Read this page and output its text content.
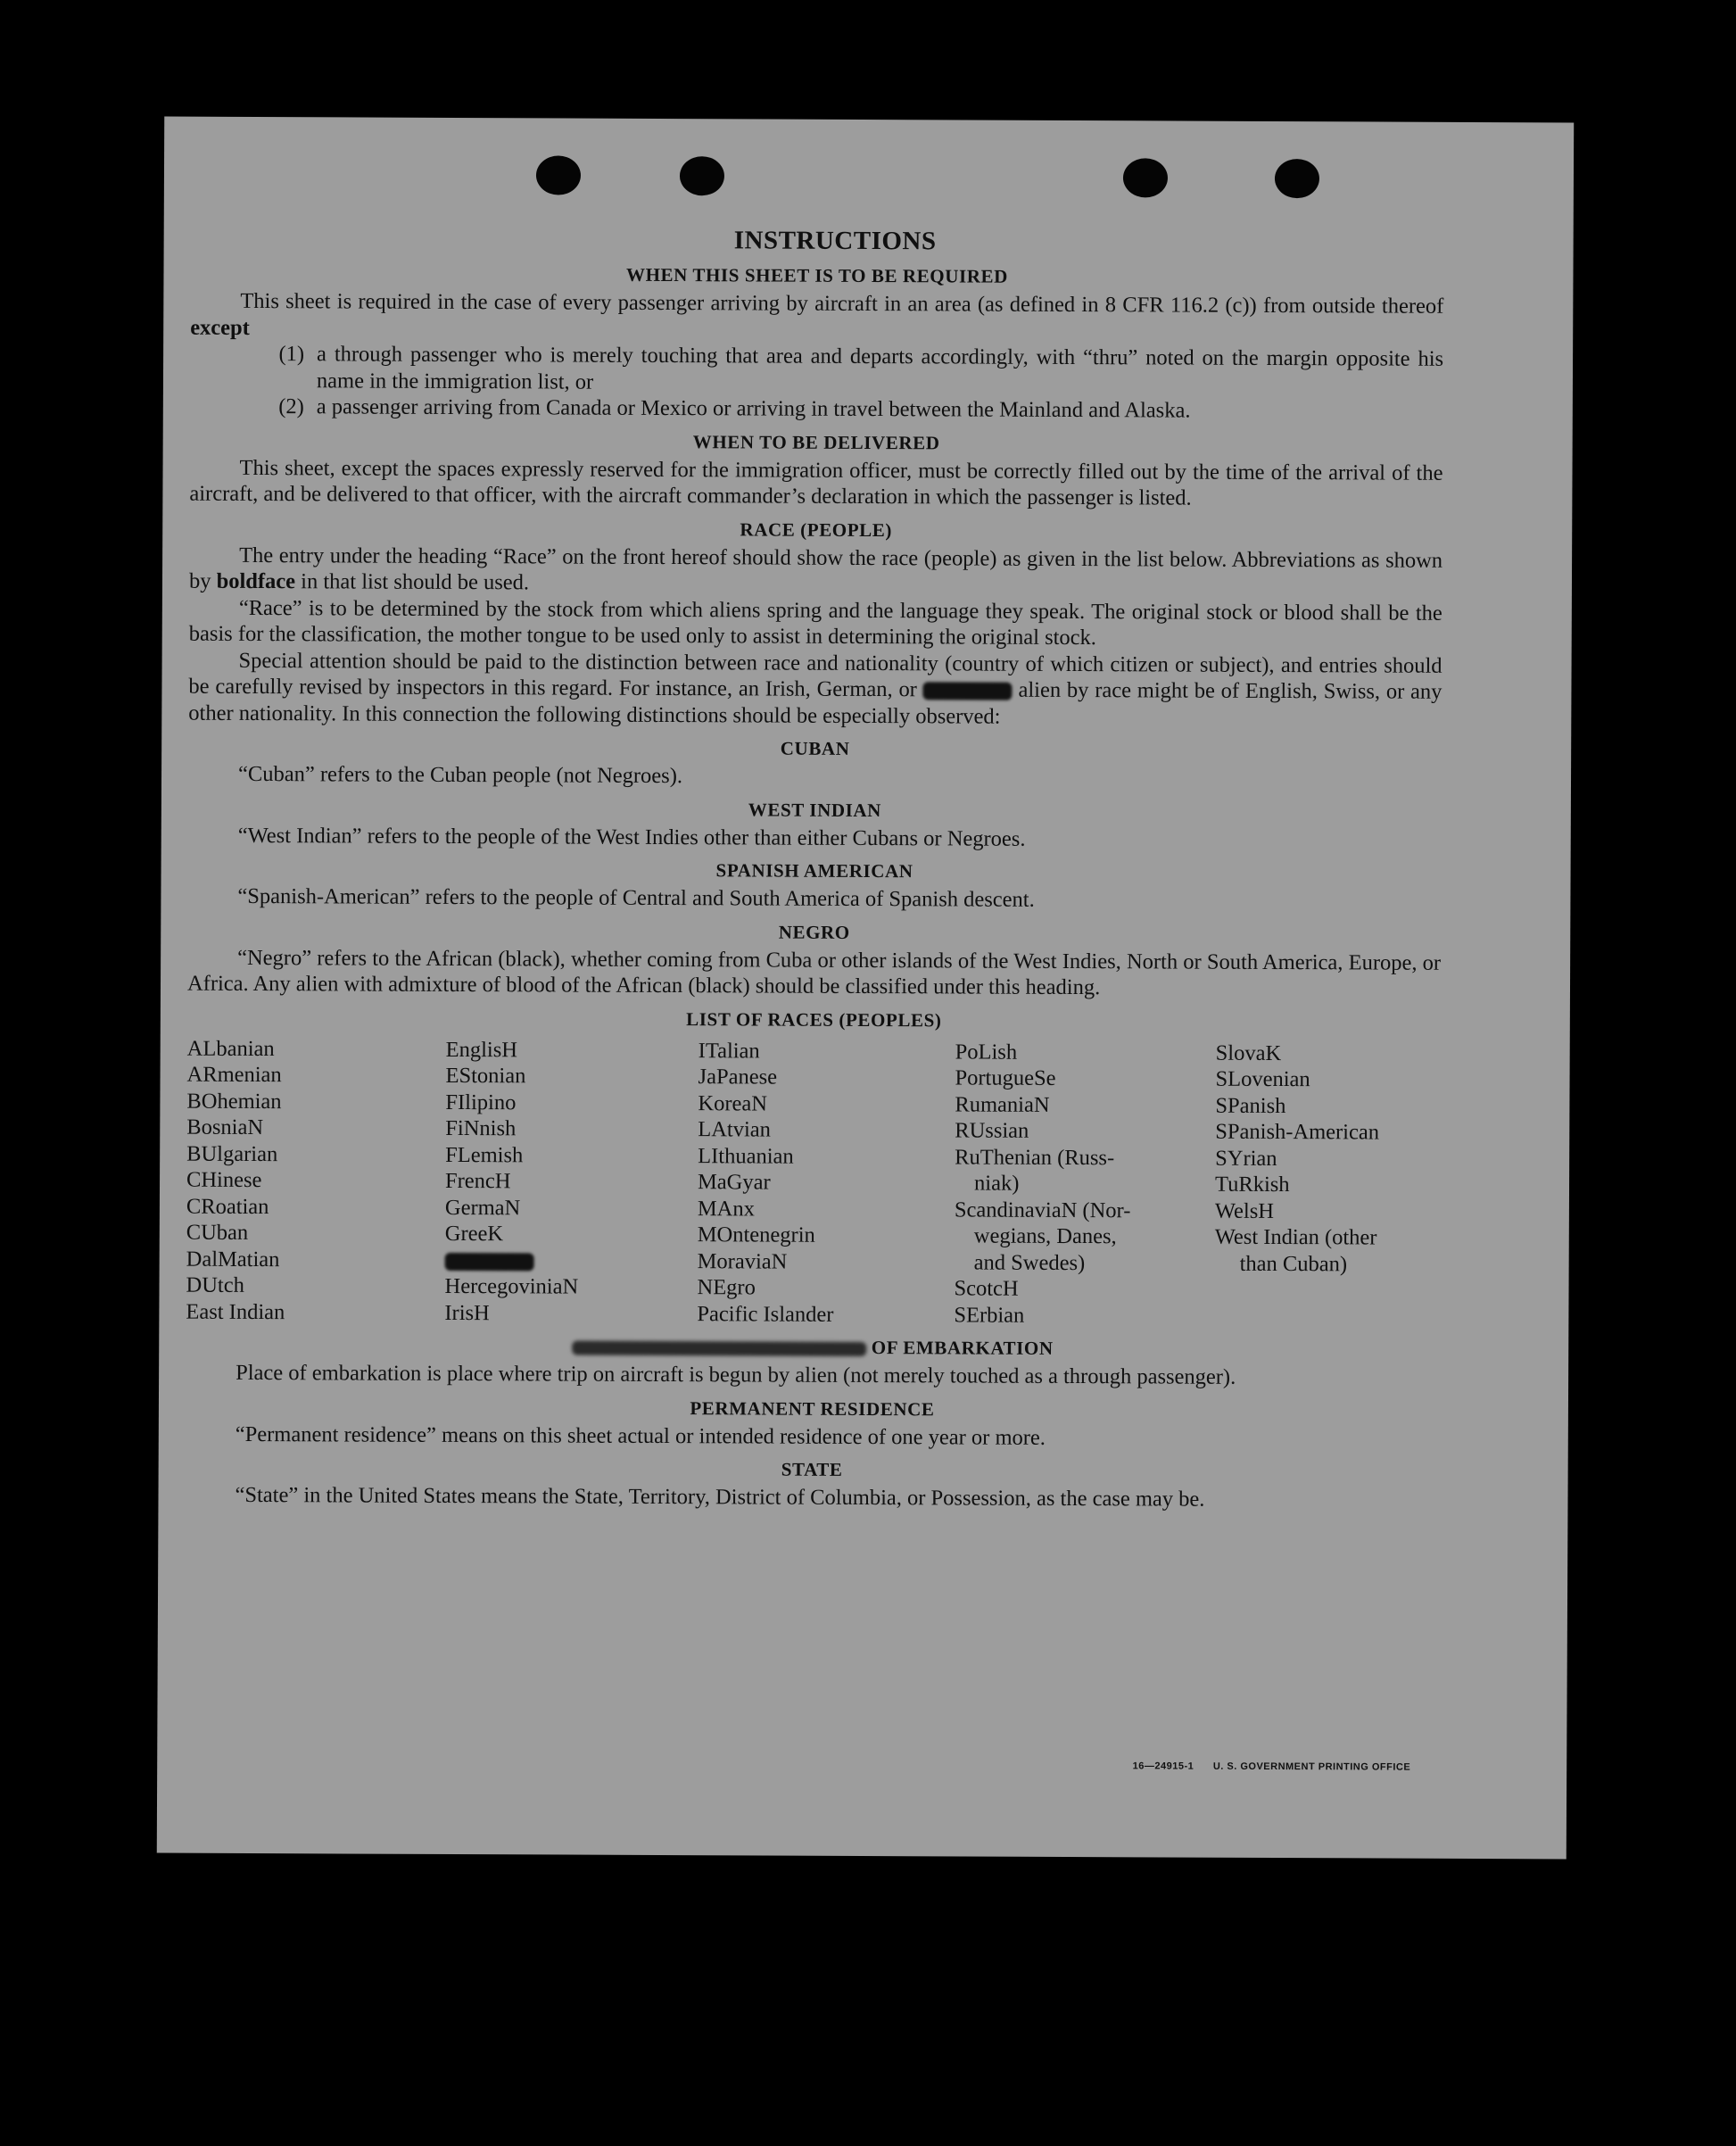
INSTRUCTIONS
WHEN THIS SHEET IS TO BE REQUIRED

This sheet is required in the case of every passenger arriving by aircraft in an area (as defined in 8 CFR 116.2 (c)) from outside thereof except

(1) a through passenger who is merely touching that area and departs accordingly, with “thru” noted on the margin opposite his name in the immigration list, or
(2) a passenger arriving from Canada or Mexico or arriving in travel between the Mainland and Alaska.
WHEN TO BE DELIVERED

This sheet, except the spaces expressly reserved for the immigration officer, must be correctly filled out by the time of the arrival of the aircraft, and be delivered to that officer, with the aircraft commander’s declaration in which the passenger is listed.

RACE (PEOPLE)

The entry under the heading “Race” on the front hereof should show the race (people) as given in the list below. Abbreviations as shown by boldface in that list should be used.

“Race” is to be determined by the stock from which aliens spring and the language they speak. The original stock or blood shall be the basis for the classification, the mother tongue to be used only to assist in determining the original stock.

Special attention should be paid to the distinction between race and nationality (country of which citizen or subject), and entries should be carefully revised by inspectors in this regard. For instance, an Irish, German, or	alien by race might be of English, Swiss, or any other nationality. In this connection the following distinctions should be especially observed:

CUBAN

“Cuban” refers to the Cuban people (not Negroes).

WEST INDIAN

“West Indian” refers to the people of the West Indies other than either Cubans or Negroes.

SPANISH AMERICAN

“Spanish-American” refers to the people of Central and South America of Spanish descent.

NEGRO

“Negro” refers to the African (black), whether coming from Cuba or other islands of the West Indies, North or South America, Europe, or Africa. Any alien with admixture of blood of the African (black) should be classified under this heading.

LIST OF RACES (PEOPLES)
ALbanian
ARmenian
BOhemian
BosniaN
BUlgarian
CHinese
CRoatian
CUban
DalMatian
DUtch
East Indian
EnglisH
EStonian
FIlipino
FiNnish
FLemish
FrencH
GermaN
GreeK
HercegoviniaN
IrisH
ITalian
JaPanese
KoreaN
LAtvian
LIthuanian
MaGyar
MAnx
MOntenegrin
MoraviaN
NEgro
Pacific Islander
PoLish
PortugueSe
RumaniaN
RUssian
RuThenian (Russ-
niak)
ScandinaviaN (Nor-
wegians, Danes,
and Swedes)
ScotcH
SErbian
SlovaK
SLovenian
SPanish
SPanish-American
SYrian
TuRkish
WelsH
West Indian (other
than Cuban)
OF EMBARKATION

Place of embarkation is place where trip on aircraft is begun by alien (not merely touched as a through passenger).

PERMANENT RESIDENCE

“Permanent residence” means on this sheet actual or intended residence of one year or more.

STATE

“State” in the United States means the State, Territory, District of Columbia, or Possession, as the case may be.

16—24915-1 U. S. GOVERNMENT PRINTING OFFICE
